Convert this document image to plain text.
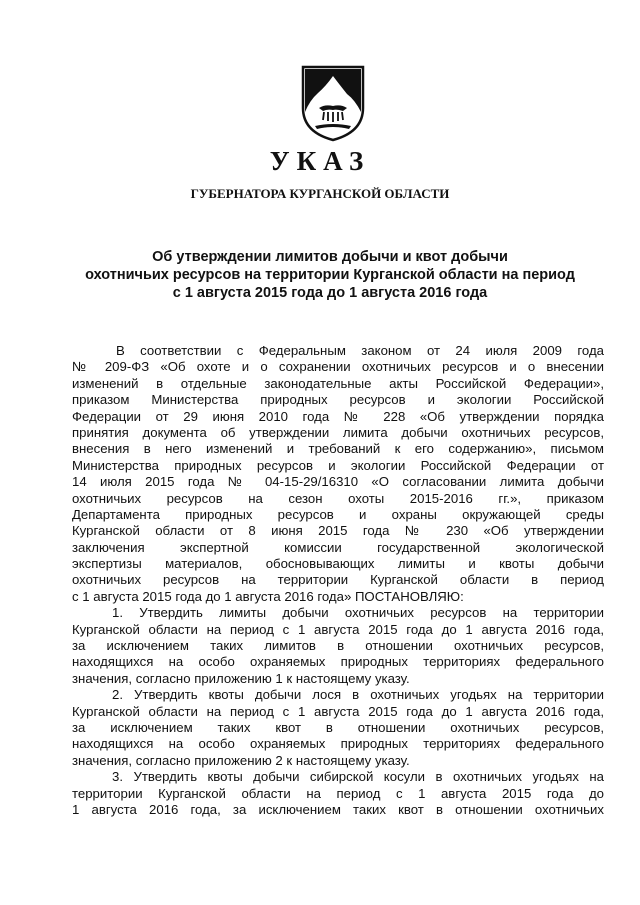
УКАЗ
ГУБЕРНАТОРА КУРГАНСКОЙ ОБЛАСТИ
Об утверждении лимитов добычи и квот добычи
охотничьих ресурсов на территории Курганской области на период
с 1 августа 2015 года до 1 августа 2016 года
В соответствии с Федеральным законом от 24 июля 2009 года
№ 209-ФЗ «Об охоте и о сохранении охотничьих ресурсов и о внесении
изменений в отдельные законодательные акты Российской Федерации»,
приказом Министерства природных ресурсов и экологии Российской
Федерации от 29 июня 2010 года № 228 «Об утверждении порядка
принятия документа об утверждении лимита добычи охотничьих ресурсов,
внесения в него изменений и требований к его содержанию», письмом
Министерства природных ресурсов и экологии Российской Федерации от
14 июля 2015 года № 04-15-29/16310 «О согласовании лимита добычи
охотничьих ресурсов на сезон охоты 2015-2016 гг.», приказом
Департамента природных ресурсов и охраны окружающей среды
Курганской области от 8 июня 2015 года № 230 «Об утверждении
заключения экспертной комиссии государственной экологической
экспертизы материалов, обосновывающих лимиты и квоты добычи
охотничьих ресурсов на территории Курганской области в период
с 1 августа 2015 года до 1 августа 2016 года» ПОСТАНОВЛЯЮ:
1. Утвердить лимиты добычи охотничьих ресурсов на территории
Курганской области на период с 1 августа 2015 года до 1 августа 2016 года,
за исключением таких лимитов в отношении охотничьих ресурсов,
находящихся на особо охраняемых природных территориях федерального
значения, согласно приложению 1 к настоящему указу.
2. Утвердить квоты добычи лося в охотничьих угодьях на территории
Курганской области на период с 1 августа 2015 года до 1 августа 2016 года,
за исключением таких квот в отношении охотничьих ресурсов,
находящихся на особо охраняемых природных территориях федерального
значения, согласно приложению 2 к настоящему указу.
3. Утвердить квоты добычи сибирской косули в охотничьих угодьях на
территории Курганской области на период с 1 августа 2015 года до
1 августа 2016 года, за исключением таких квот в отношении охотничьих
